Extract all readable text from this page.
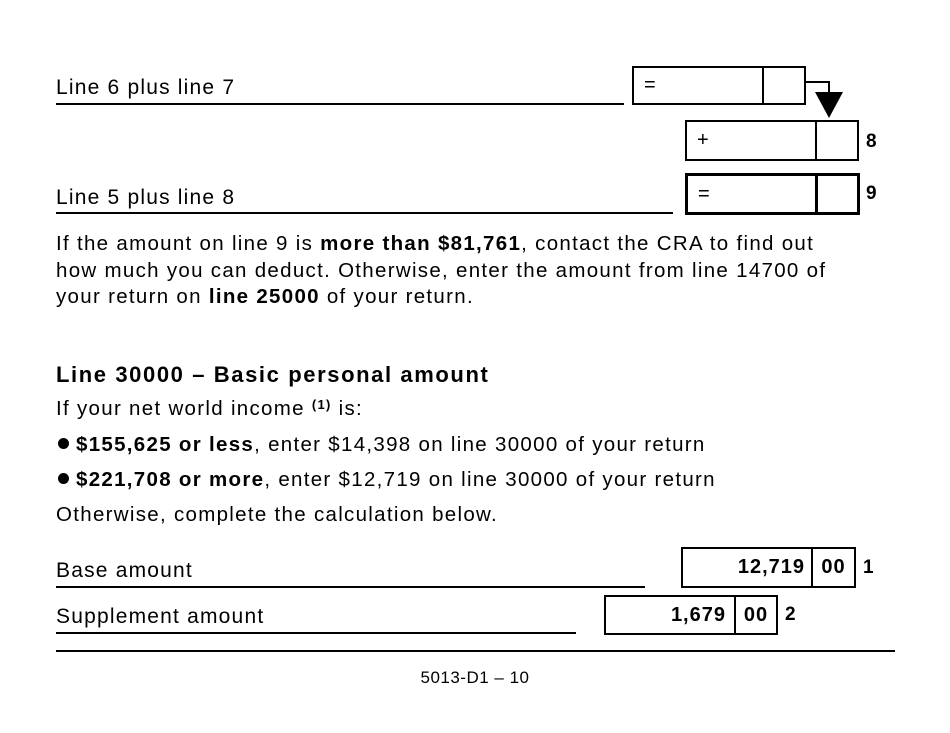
Line 6 plus line 7	=
+	8
Line 5 plus line 8	=	9
If the amount on line 9 is more than $81,761, contact the CRA to find out how much you can deduct. Otherwise, enter the amount from line 14700 of your return on line 25000 of your return.
Line 30000 – Basic personal amount
If your net world income $^{(1)}$ is:
$155,625 or less, enter $14,398 on line 30000 of your return
$221,708 or more, enter $12,719 on line 30000 of your return
Otherwise, complete the calculation below.
Base amount	12,719 00 1
Supplement amount	1,679 00 2
5013-D1 – 10
